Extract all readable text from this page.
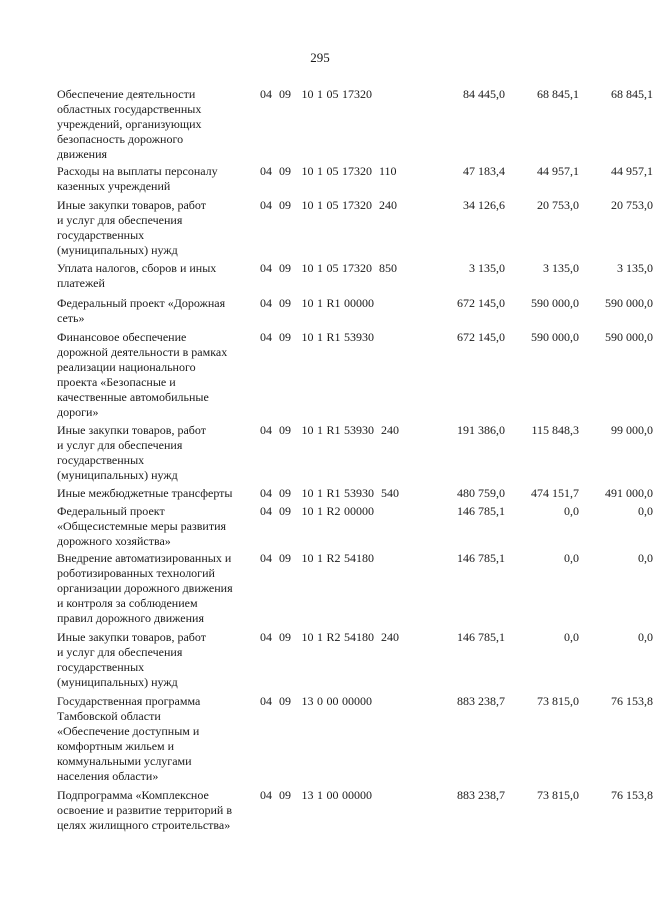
295
Обеспечение деятельности
областных государственных
учреждений, организующих
безопасность дорожного
движения
04  09   10 1 05 17320	84 445,0	68 845,1	68 845,1
Расходы на выплаты персоналу
казенных учреждений
04  09   10 1 05 17320  110	47 183,4	44 957,1	44 957,1
Иные закупки товаров, работ
и услуг для обеспечения
государственных
(муниципальных) нужд
04  09   10 1 05 17320  240	34 126,6	20 753,0	20 753,0
Уплата налогов, сборов и иных
платежей
04  09   10 1 05 17320  850	3 135,0	3 135,0	3 135,0
Федеральный проект «Дорожная
сеть»
04  09   10 1 R1 00000	672 145,0	590 000,0	590 000,0
Финансовое обеспечение
дорожной деятельности в рамках
реализации национального
проекта «Безопасные и
качественные автомобильные
дороги»
04  09   10 1 R1 53930	672 145,0	590 000,0	590 000,0
Иные закупки товаров, работ
и услуг для обеспечения
государственных
(муниципальных) нужд
04  09   10 1 R1 53930  240	191 386,0	115 848,3	99 000,0
Иные межбюджетные трансферты	04  09   10 1 R1 53930  540	480 759,0	474 151,7	491 000,0
Федеральный проект
«Общесистемные меры развития
дорожного хозяйства»
04  09   10 1 R2 00000	146 785,1	0,0	0,0
Внедрение автоматизированных и
роботизированных технологий
организации дорожного движения
и контроля за соблюдением
правил дорожного движения
04  09   10 1 R2 54180	146 785,1	0,0	0,0
Иные закупки товаров, работ
и услуг для обеспечения
государственных
(муниципальных) нужд
04  09   10 1 R2 54180  240	146 785,1	0,0	0,0
Государственная программа
Тамбовской области
«Обеспечение доступным и
комфортным жильем и
коммунальными услугами
населения области»
04  09   13 0 00 00000	883 238,7	73 815,0	76 153,8
Подпрограмма «Комплексное
освоение и развитие территорий в
целях жилищного строительства»
04  09   13 1 00 00000	883 238,7	73 815,0	76 153,8
